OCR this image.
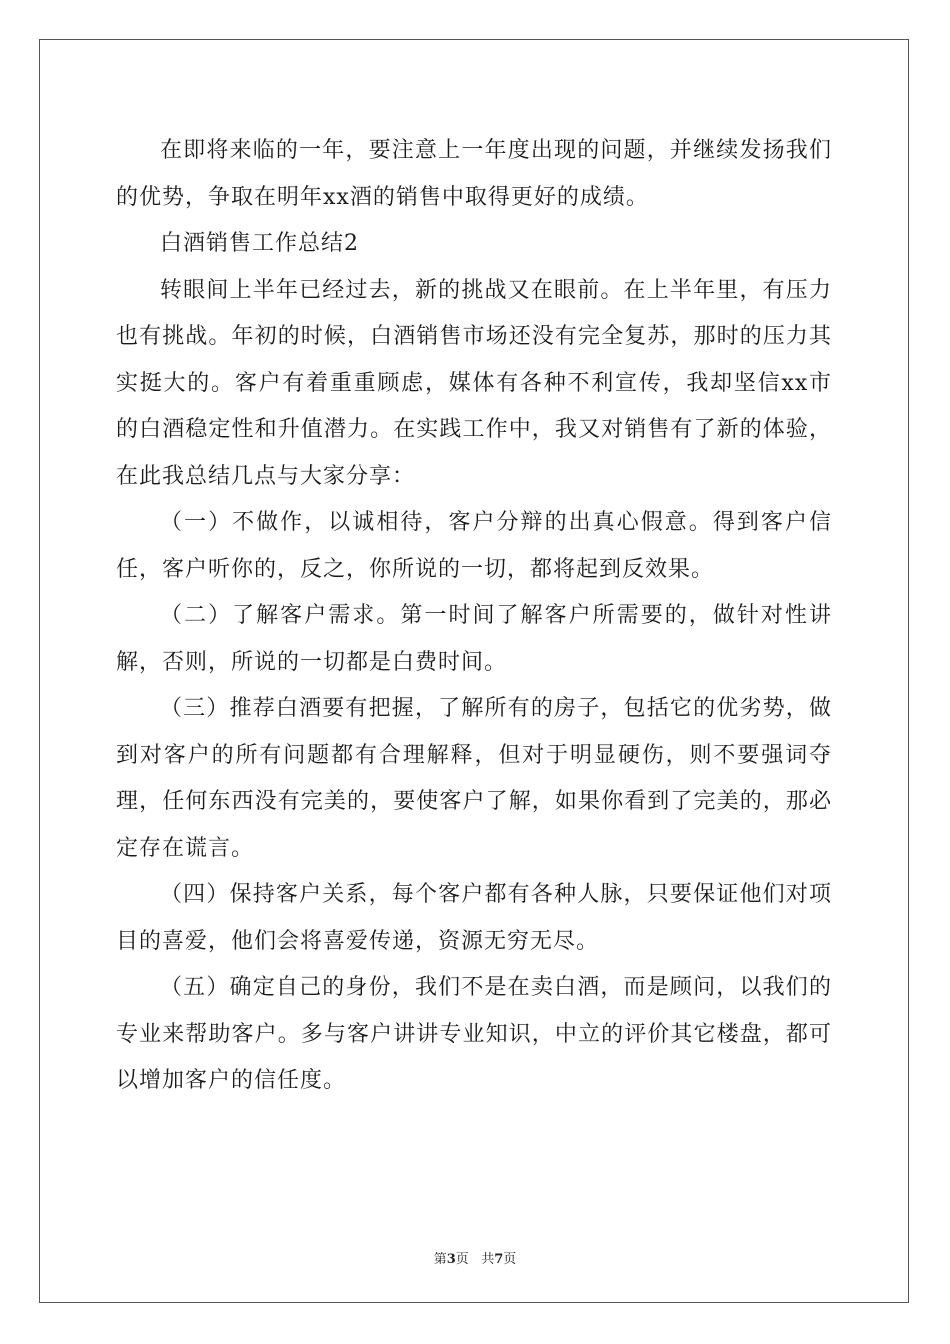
在即将来临的一年，要注意上一年度出现的问题，并继续发扬我们的优势，争取在明年xx酒的销售中取得更好的成绩。

白酒销售工作总结2

转眼间上半年已经过去，新的挑战又在眼前。在上半年里，有压力也有挑战。年初的时候，白酒销售市场还没有完全复苏，那时的压力其实挺大的。客户有着重重顾虑，媒体有各种不利宣传，我却坚信xx市的白酒稳定性和升值潜力。在实践工作中，我又对销售有了新的体验，在此我总结几点与大家分享：

（一）不做作，以诚相待，客户分辩的出真心假意。得到客户信任，客户听你的，反之，你所说的一切，都将起到反效果。

（二）了解客户需求。第一时间了解客户所需要的，做针对性讲解，否则，所说的一切都是白费时间。

（三）推荐白酒要有把握，了解所有的房子，包括它的优劣势，做到对客户的所有问题都有合理解释，但对于明显硬伤，则不要强词夺理，任何东西没有完美的，要使客户了解，如果你看到了完美的，那必定存在谎言。

（四）保持客户关系，每个客户都有各种人脉，只要保证他们对项目的喜爱，他们会将喜爱传递，资源无穷无尽。

（五）确定自己的身份，我们不是在卖白酒，而是顾问，以我们的专业来帮助客户。多与客户讲讲专业知识，中立的评价其它楼盘，都可以增加客户的信任度。

第3页 共7页
